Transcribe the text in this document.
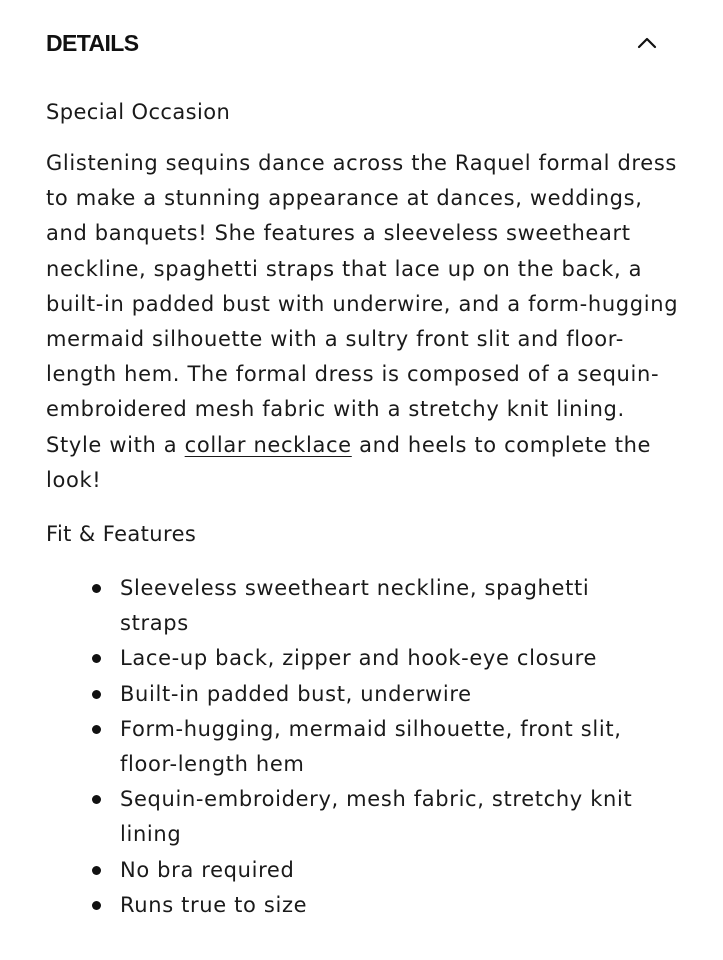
DETAILS

Special Occasion

Glistening sequins dance across the Raquel formal dress to make a stunning appearance at dances, weddings, and banquets! She features a sleeveless sweetheart neckline, spaghetti straps that lace up on the back, a built-in padded bust with underwire, and a form-hugging mermaid silhouette with a sultry front slit and floor-length hem. The formal dress is composed of a sequin-embroidered mesh fabric with a stretchy knit lining. Style with a collar necklace and heels to complete the look!

Fit & Features

Sleeveless sweetheart neckline, spaghetti straps
Lace-up back, zipper and hook-eye closure
Built-in padded bust, underwire
Form-hugging, mermaid silhouette, front slit, floor-length hem
Sequin-embroidery, mesh fabric, stretchy knit lining
No bra required
Runs true to size
